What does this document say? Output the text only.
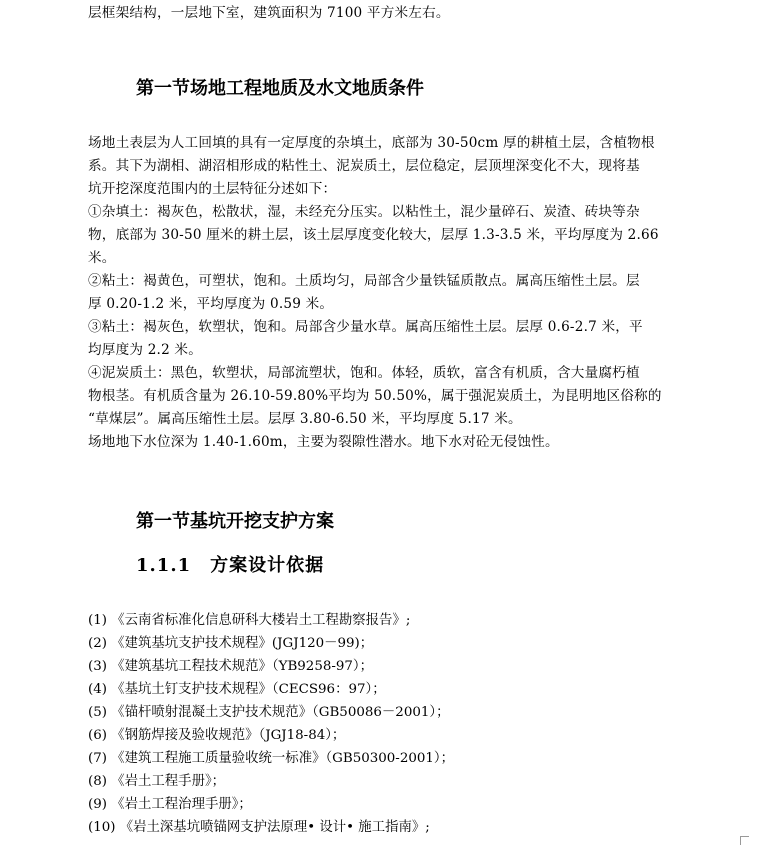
层框架结构，一层地下室，建筑面积为 7100 平方米左右。
第一节场地工程地质及水文地质条件
场地土表层为人工回填的具有一定厚度的杂填土，底部为 30-50cm 厚的耕植土层，含植物根
系。其下为湖相、湖沼相形成的粘性土、泥炭质土，层位稳定，层顶埋深变化不大，现将基
坑开挖深度范围内的土层特征分述如下：
①杂填土：褐灰色，松散状，湿，未经充分压实。以粘性土，混少量碎石、炭渣、砖块等杂
物，底部为 30-50 厘米的耕土层，该土层厚度变化较大，层厚 1.3-3.5 米，平均厚度为 2.66
米。
②粘土：褐黄色，可塑状，饱和。土质均匀，局部含少量铁锰质散点。属高压缩性土层。层
厚 0.20-1.2 米，平均厚度为 0.59 米。
③粘土：褐灰色，软塑状，饱和。局部含少量水草。属高压缩性土层。层厚 0.6-2.7 米，平
均厚度为 2.2 米。
④泥炭质土：黑色，软塑状，局部流塑状，饱和。体轻，质软，富含有机质，含大量腐朽植
物根茎。有机质含量为 26.10-59.80%平均为 50.50%，属于强泥炭质土，为昆明地区俗称的
“草煤层”。属高压缩性土层。层厚 3.80-6.50 米，平均厚度 5.17 米。
场地地下水位深为 1.40-1.60m，主要为裂隙性潜水。地下水对砼无侵蚀性。
第一节基坑开挖支护方案
1.1.1　方案设计依据
(1) 《云南省标准化信息研科大楼岩土工程勘察报告》;
(2) 《建筑基坑支护技术规程》(JGJ120－99)；
(3) 《建筑基坑工程技术规范》（YB9258-97）；
(4) 《基坑土钉支护技术规程》（CECS96：97）；
(5) 《锚杆喷射混凝土支护技术规范》（GB50086－2001）；
(6) 《钢筋焊接及验收规范》（JGJ18-84）；
(7) 《建筑工程施工质量验收统一标准》（GB50300-2001）；
(8) 《岩土工程手册》；
(9) 《岩土工程治理手册》；
(10) 《岩土深基坑喷锚网支护法原理• 设计• 施工指南》;
